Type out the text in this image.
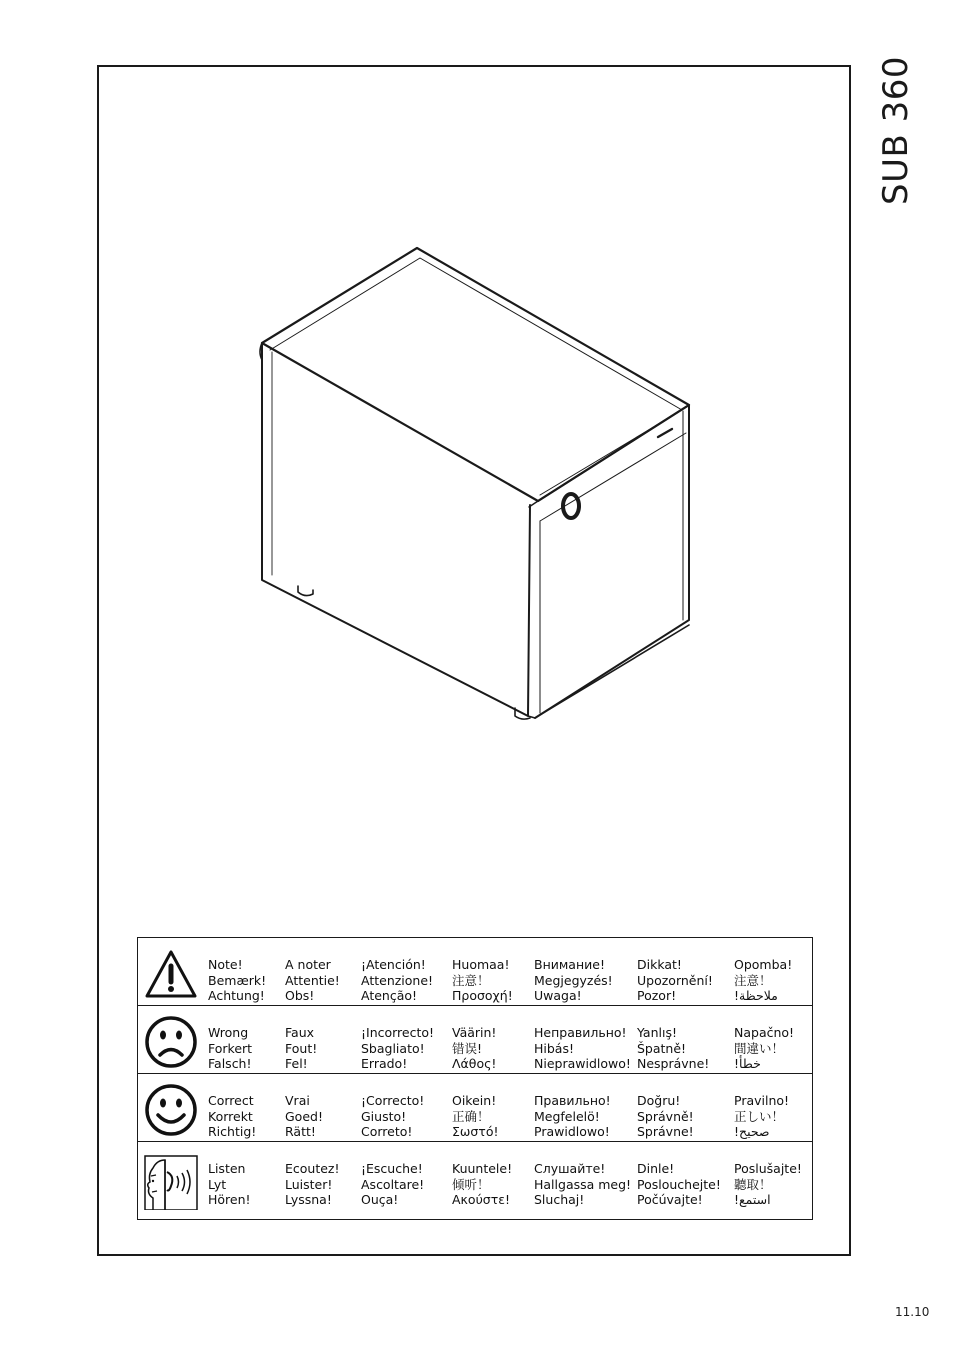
SUB 360
Note!
Bemærk!
Achtung!
A noter
Attentie!
Obs!
¡Atención!
Attenzione!
Atenção!
Huomaa!
注意！
Προσοχή!
Внимание!
Megjegyzés!
Uwaga!
Dikkat!
Upozornění!
Pozor!
Opomba!
注意！
!ملاحظة
Wrong
Forkert
Falsch!
Faux
Fout!
Fel!
¡Incorrecto!
Sbagliato!
Errado!
Väärin!
错误!
Λάθος!
Неправильно!
Hibás!
Nieprawidlowo!
Yanlış!
Špatně!
Nesprávne!
Napačno!
間違い！
!خطأ
Correct
Korrekt
Richtig!
Vrai
Goed!
Rätt!
¡Correcto!
Giusto!
Correto!
Oikein!
正确！
Σωστό!
Правильно!
Megfelelö!
Prawidlowo!
Doğru!
Správně!
Správne!
Pravilno!
正しい！
!صحيح
Listen
Lyt
Hören!
Ecoutez!
Luister!
Lyssna!
¡Escuche!
Ascoltare!
Ouça!
Kuuntele!
倾听！
Ακούστε!
Слушайте!
Hallgassa meg!
Sluchaj!
Dinle!
Poslouchejte!
Počúvajte!
Poslušajte!
聽取！
!استمع
11.10
